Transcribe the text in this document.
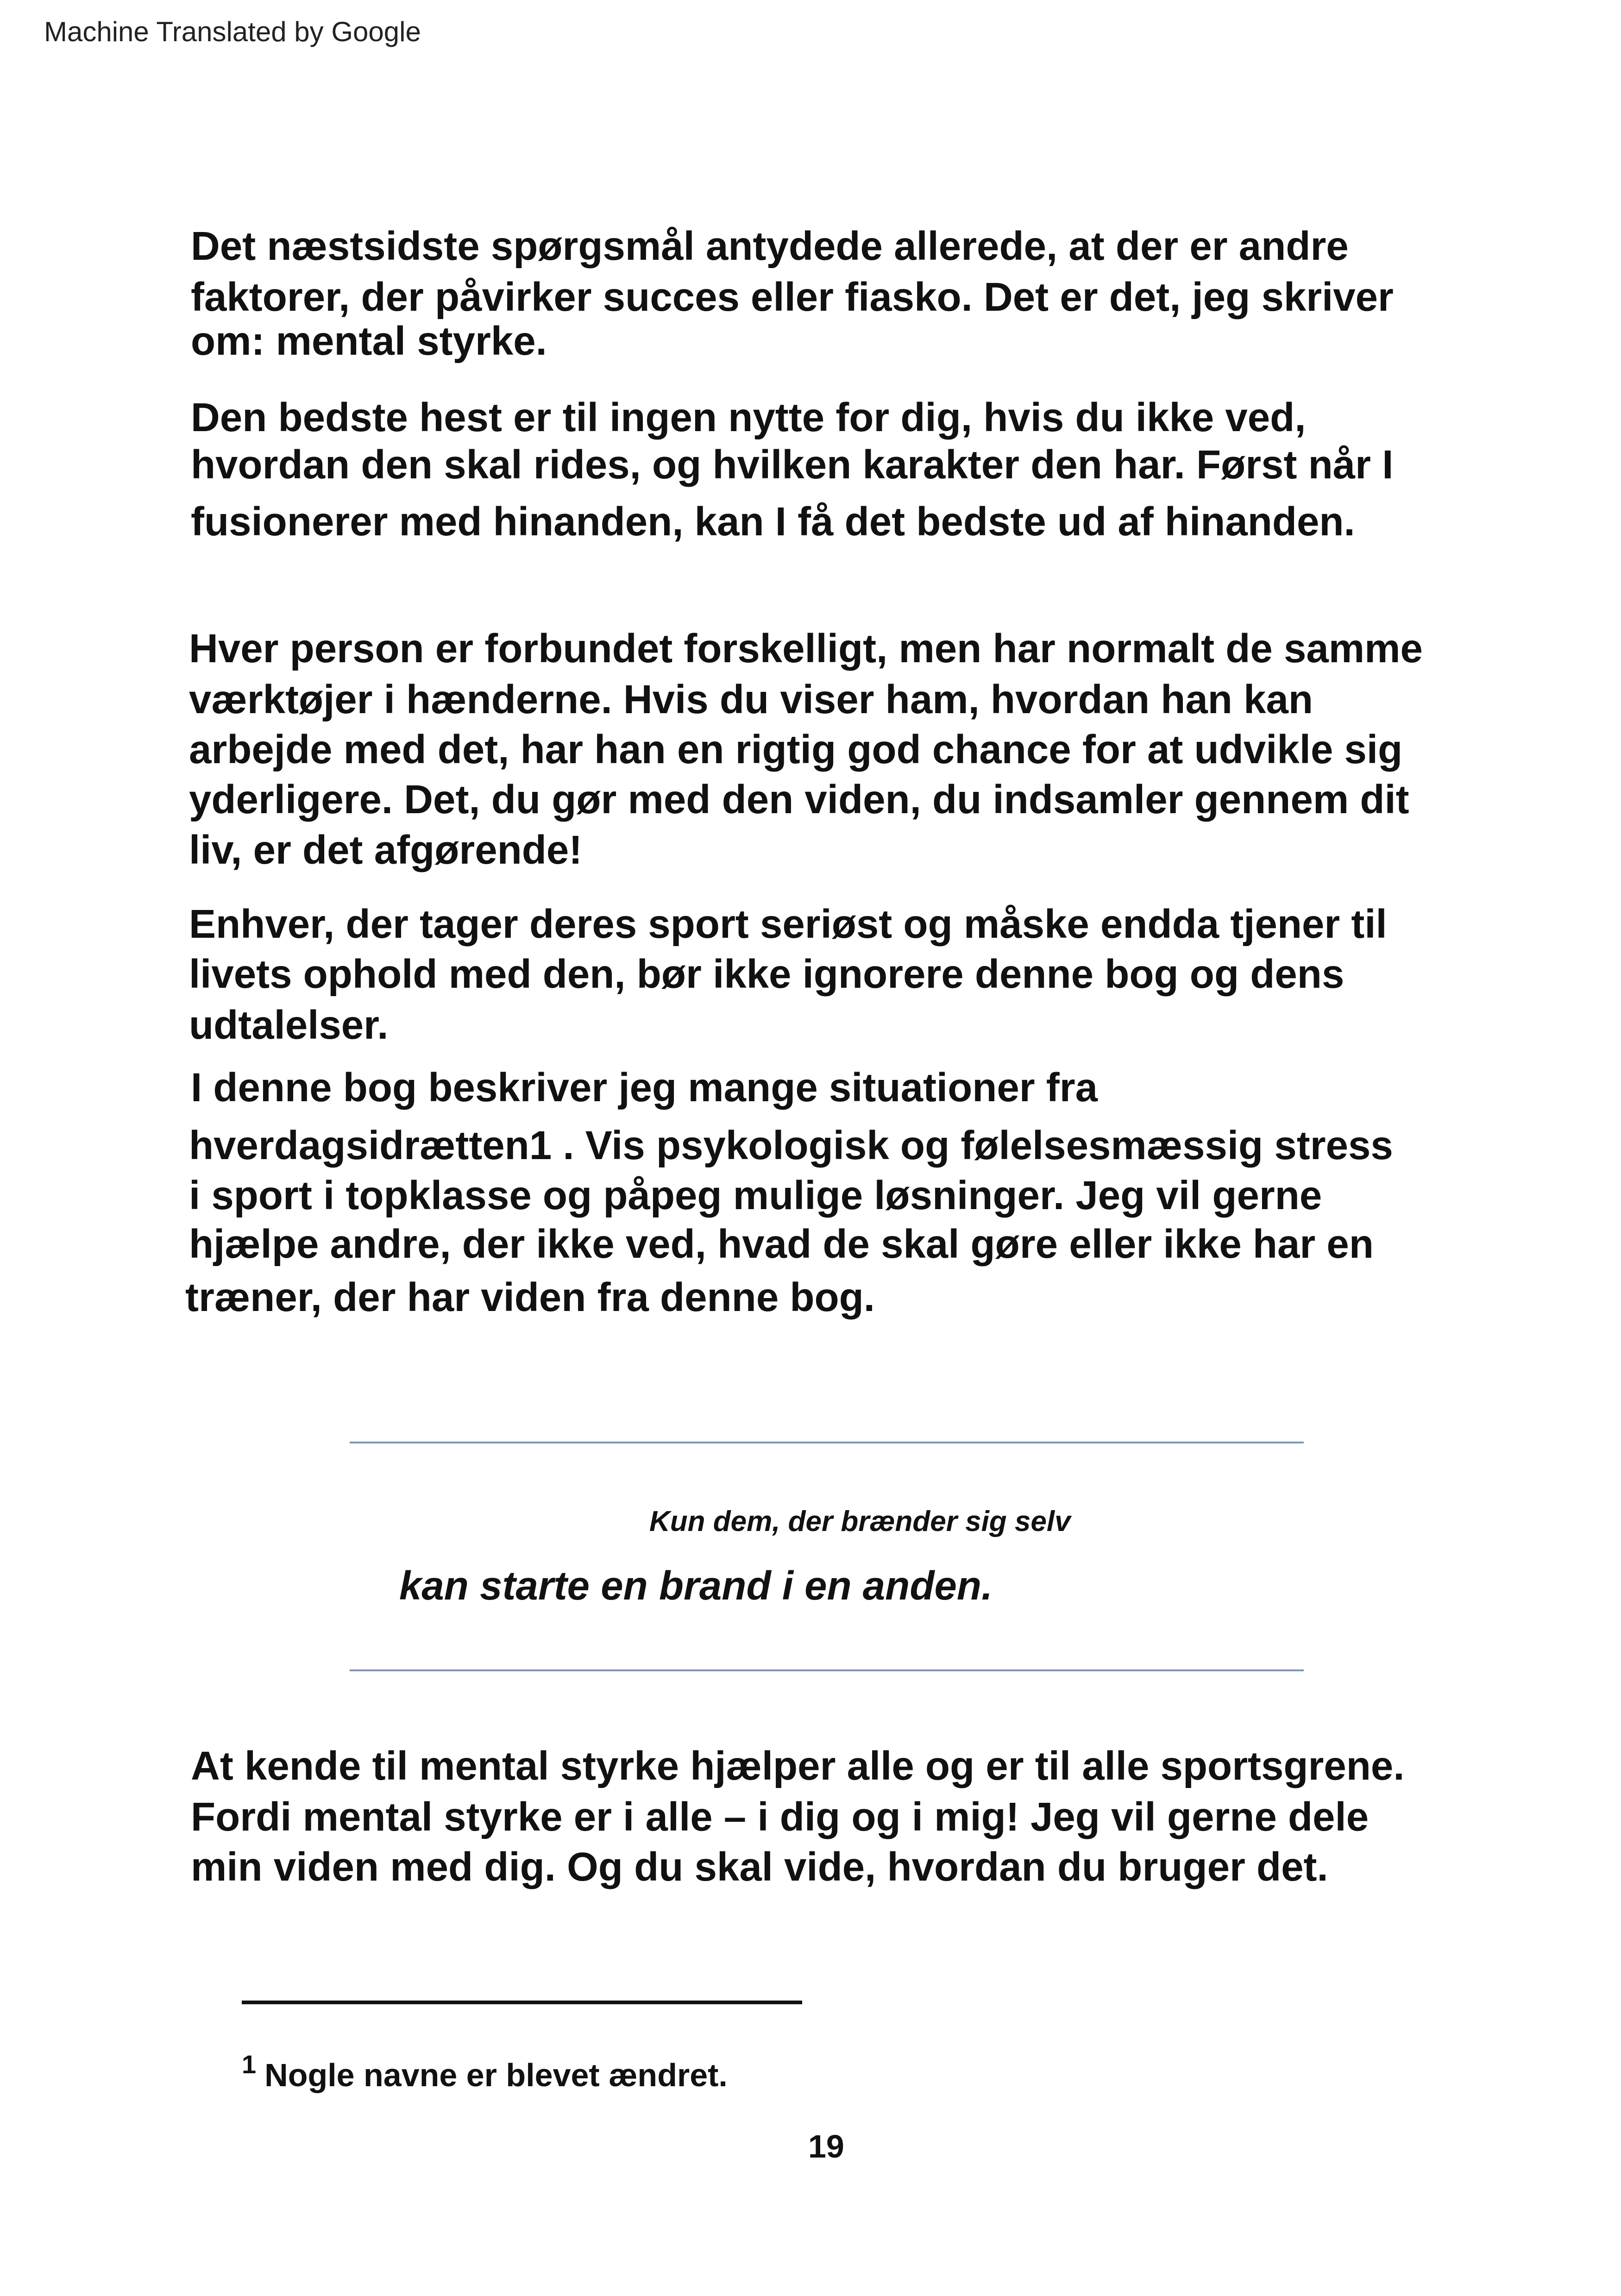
Machine Translated by Google
Det næstsidste spørgsmål antydede allerede, at der er andre
faktorer, der påvirker succes eller fiasko. Det er det, jeg skriver
om: mental styrke.
Den bedste hest er til ingen nytte for dig, hvis du ikke ved,
hvordan den skal rides, og hvilken karakter den har. Først når I
fusionerer med hinanden, kan I få det bedste ud af hinanden.
Hver person er forbundet forskelligt, men har normalt de samme
værktøjer i hænderne. Hvis du viser ham, hvordan han kan
arbejde med det, har han en rigtig god chance for at udvikle sig
yderligere. Det, du gør med den viden, du indsamler gennem dit
liv, er det afgørende!
Enhver, der tager deres sport seriøst og måske endda tjener til
livets ophold med den, bør ikke ignorere denne bog og dens
udtalelser.
I denne bog beskriver jeg mange situationer fra
hverdagsidrætten1 . Vis psykologisk og følelsesmæssig stress
i sport i topklasse og påpeg mulige løsninger. Jeg vil gerne
hjælpe andre, der ikke ved, hvad de skal gøre eller ikke har en
træner, der har viden fra denne bog.
Kun dem, der brænder sig selv
kan starte en brand i en anden.
At kende til mental styrke hjælper alle og er til alle sportsgrene.
Fordi mental styrke er i alle – i dig og i mig! Jeg vil gerne dele
min viden med dig. Og du skal vide, hvordan du bruger det.
$^1$ Nogle navne er blevet ændret.
19
